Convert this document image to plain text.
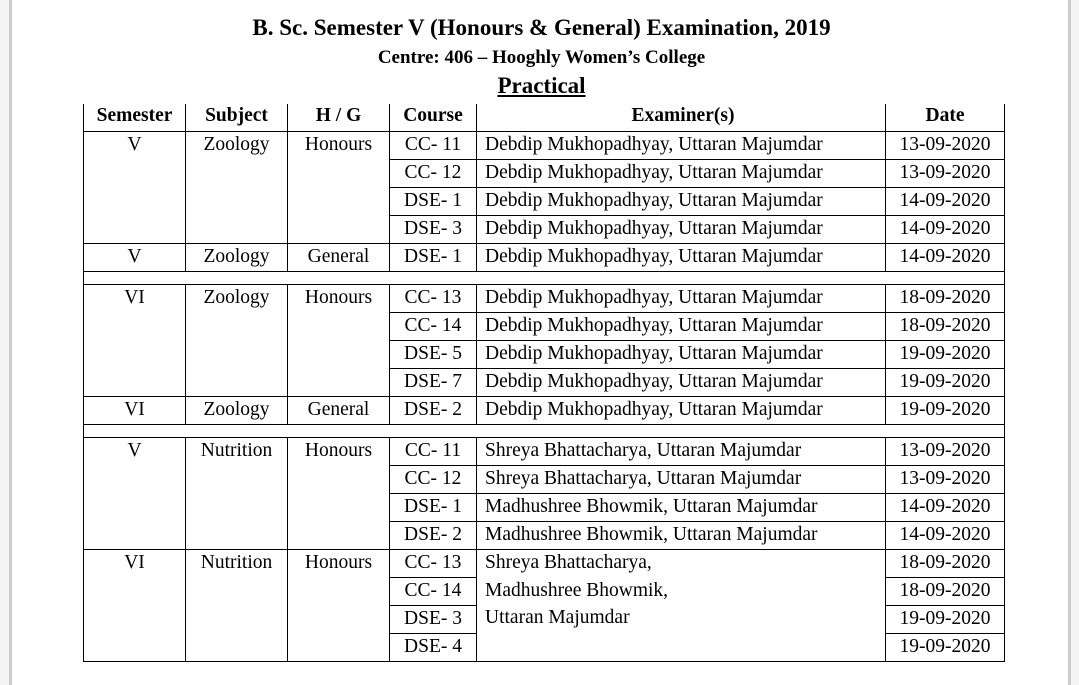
B. Sc. Semester V (Honours & General) Examination, 2019
Centre: 406 – Hooghly Women’s College
Practical
Semester	Subject	H / G	Course	Examiner(s)	Date
V	Zoology	Honours	CC- 11	Debdip Mukhopadhyay, Uttaran Majumdar	13-09-2020
			CC- 12	Debdip Mukhopadhyay, Uttaran Majumdar	13-09-2020
			DSE- 1	Debdip Mukhopadhyay, Uttaran Majumdar	14-09-2020
			DSE- 3	Debdip Mukhopadhyay, Uttaran Majumdar	14-09-2020
V	Zoology	General	DSE- 1	Debdip Mukhopadhyay, Uttaran Majumdar	14-09-2020

VI	Zoology	Honours	CC- 13	Debdip Mukhopadhyay, Uttaran Majumdar	18-09-2020
			CC- 14	Debdip Mukhopadhyay, Uttaran Majumdar	18-09-2020
			DSE- 5	Debdip Mukhopadhyay, Uttaran Majumdar	19-09-2020
			DSE- 7	Debdip Mukhopadhyay, Uttaran Majumdar	19-09-2020
VI	Zoology	General	DSE- 2	Debdip Mukhopadhyay, Uttaran Majumdar	19-09-2020

V	Nutrition	Honours	CC- 11	Shreya Bhattacharya, Uttaran Majumdar	13-09-2020
			CC- 12	Shreya Bhattacharya, Uttaran Majumdar	13-09-2020
			DSE- 1	Madhushree Bhowmik, Uttaran Majumdar	14-09-2020
			DSE- 2	Madhushree Bhowmik, Uttaran Majumdar	14-09-2020
VI	Nutrition	Honours	CC- 13	Shreya Bhattacharya,
Madhushree Bhowmik,
Uttaran Majumdar	18-09-2020
			CC- 14		18-09-2020
			DSE- 3		19-09-2020
			DSE- 4		19-09-2020
